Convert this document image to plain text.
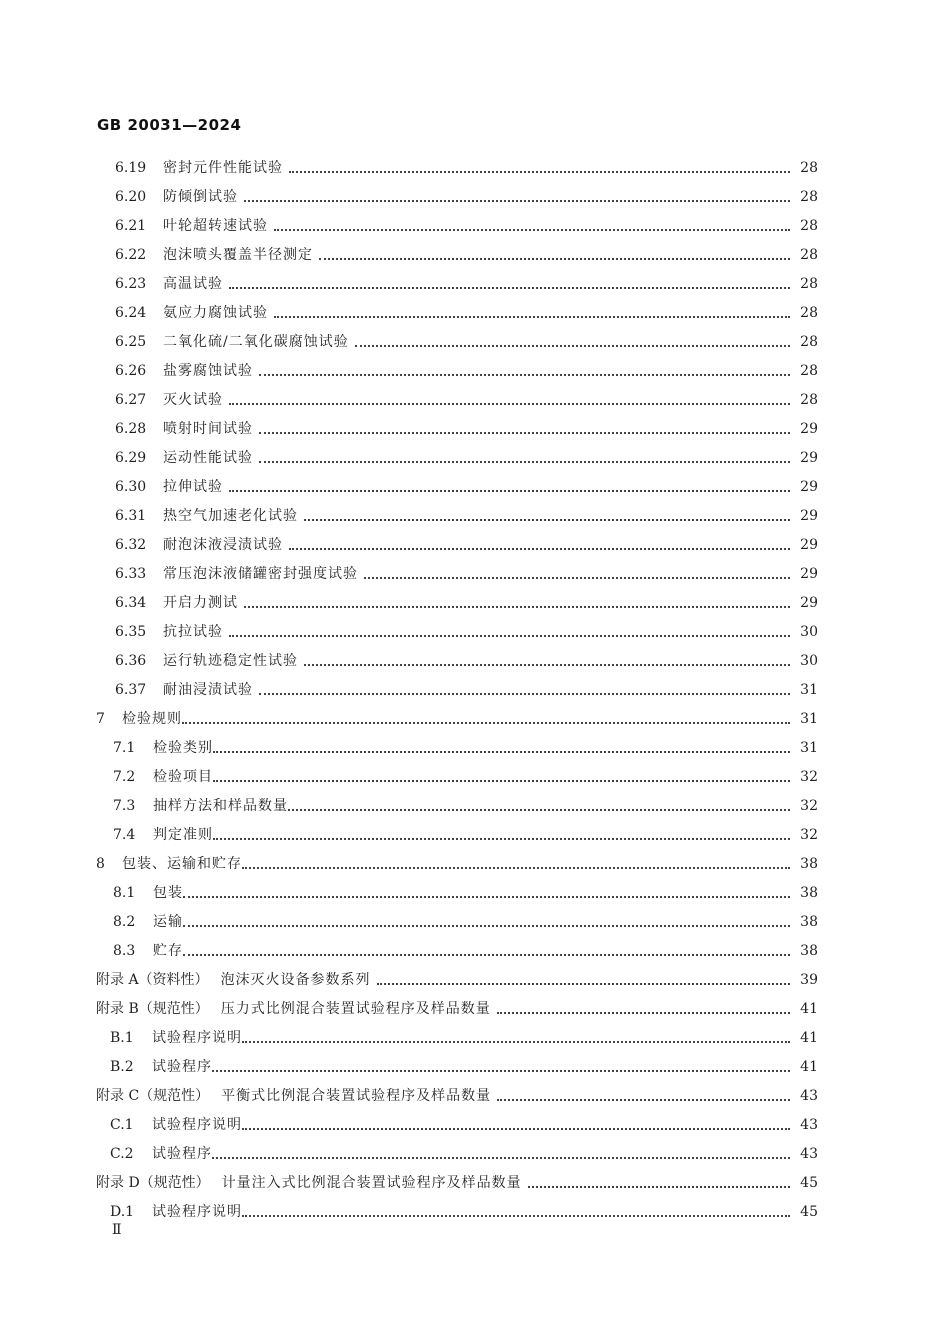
GB 20031—2024
6.19	密封元件性能试验	28
6.20	防倾倒试验	28
6.21	叶轮超转速试验	28
6.22	泡沫喷头覆盖半径测定	28
6.23	高温试验	28
6.24	氨应力腐蚀试验	28
6.25	二氧化硫/二氧化碳腐蚀试验	28
6.26	盐雾腐蚀试验	28
6.27	灭火试验	28
6.28	喷射时间试验	29
6.29	运动性能试验	29
6.30	拉伸试验	29
6.31	热空气加速老化试验	29
6.32	耐泡沫液浸渍试验	29
6.33	常压泡沫液储罐密封强度试验	29
6.34	开启力测试	29
6.35	抗拉试验	30
6.36	运行轨迹稳定性试验	30
6.37	耐油浸渍试验	31
7	检验规则	31
7.1	检验类别	31
7.2	检验项目	32
7.3	抽样方法和样品数量	32
7.4	判定准则	32
8	包装、运输和贮存	38
8.1	包装	38
8.2	运输	38
8.3	贮存	38
附录 A（资料性） 泡沫灭火设备参数系列	39
附录 B（规范性） 压力式比例混合装置试验程序及样品数量	41
B.1	试验程序说明	41
B.2	试验程序	41
附录 C（规范性） 平衡式比例混合装置试验程序及样品数量	43
C.1	试验程序说明	43
C.2	试验程序	43
附录 D（规范性） 计量注入式比例混合装置试验程序及样品数量	45
D.1	试验程序说明	45
Ⅱ
